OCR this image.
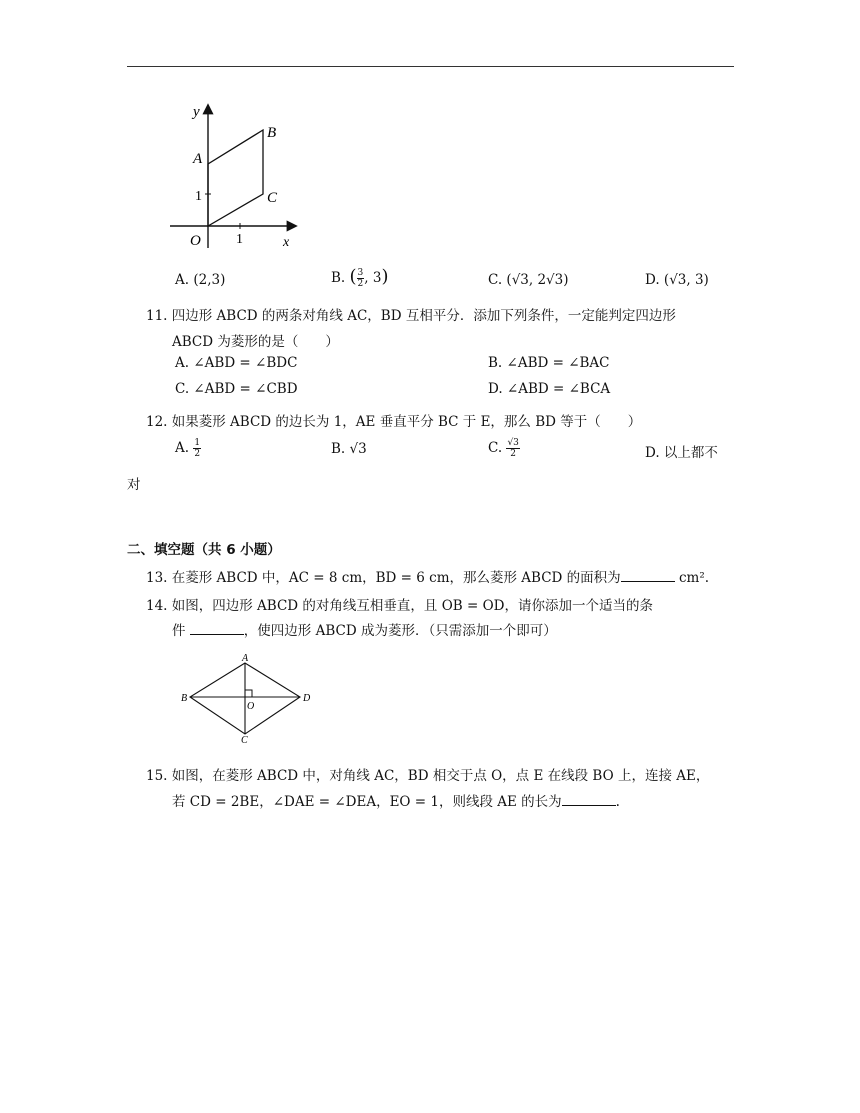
y
x
A
B
C
O
1
1
A. (2,3)	B. ( $\frac{3}{2}$ , 3)	C. (√3, 2√3)	D. (√3, 3)
11. 四边形 ABCD 的两条对角线 AC，BD 互相平分．添加下列条件，一定能判定四边形
ABCD 为菱形的是（　　）
A. ∠ABD = ∠BDC	B. ∠ABD = ∠BAC
C. ∠ABD = ∠CBD	D. ∠ABD = ∠BCA
12. 如果菱形 ABCD 的边长为 1，AE 垂直平分 BC 于 E，那么 BD 等于（　　）
A. $\frac{1}{2}$	B. √3	C. $\frac{√3}{2}$	D. 以上都不
对
二、填空题（共 6 小题）
13. 在菱形 ABCD 中，AC = 8 cm，BD = 6 cm，那么菱形 ABCD 的面积为	cm².
14. 如图，四边形 ABCD 的对角线互相垂直，且 OB = OD，请你添加一个适当的条
件	，使四边形 ABCD 成为菱形．（只需添加一个即可）
A
B
C
D
O
15. 如图，在菱形 ABCD 中，对角线 AC，BD 相交于点 O，点 E 在线段 BO 上，连接 AE，
若 CD = 2BE，∠DAE = ∠DEA，EO = 1，则线段 AE 的长为	.
